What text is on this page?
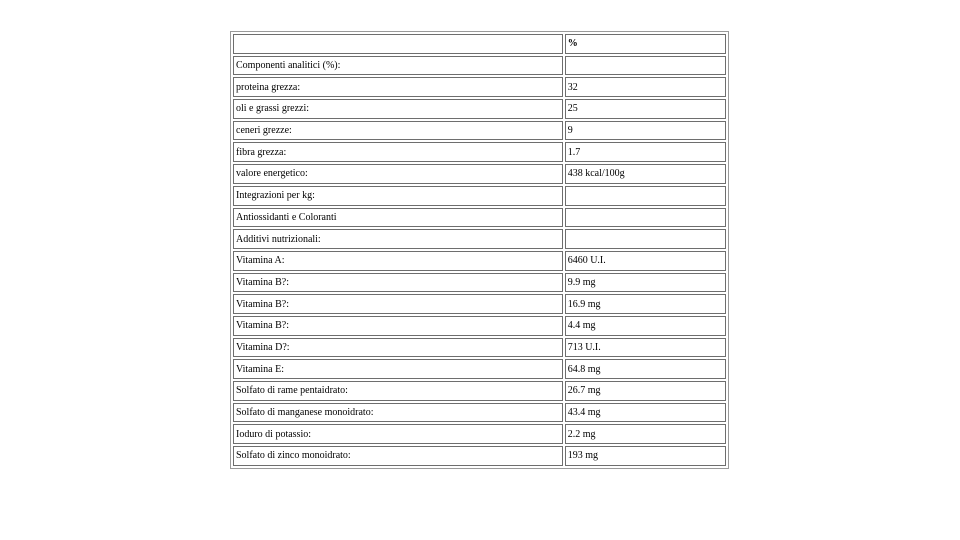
	%
Componenti analitici (%):	
proteina grezza:	32
oli e grassi grezzi:	25
ceneri grezze:	9
fibra grezza:	1.7
valore energetico:	438 kcal/100g
Integrazioni per kg:	
Antiossidanti e Coloranti	
Additivi nutrizionali:	
Vitamina A:	6460 U.I.
Vitamina B?:	9.9 mg
Vitamina B?:	16.9 mg
Vitamina B?:	4.4 mg
Vitamina D?:	713 U.I.
Vitamina E:	64.8 mg
Solfato di rame pentaidrato:	26.7 mg
Solfato di manganese monoidrato:	43.4 mg
Ioduro di potassio:	2.2 mg
Solfato di zinco monoidrato:	193 mg
